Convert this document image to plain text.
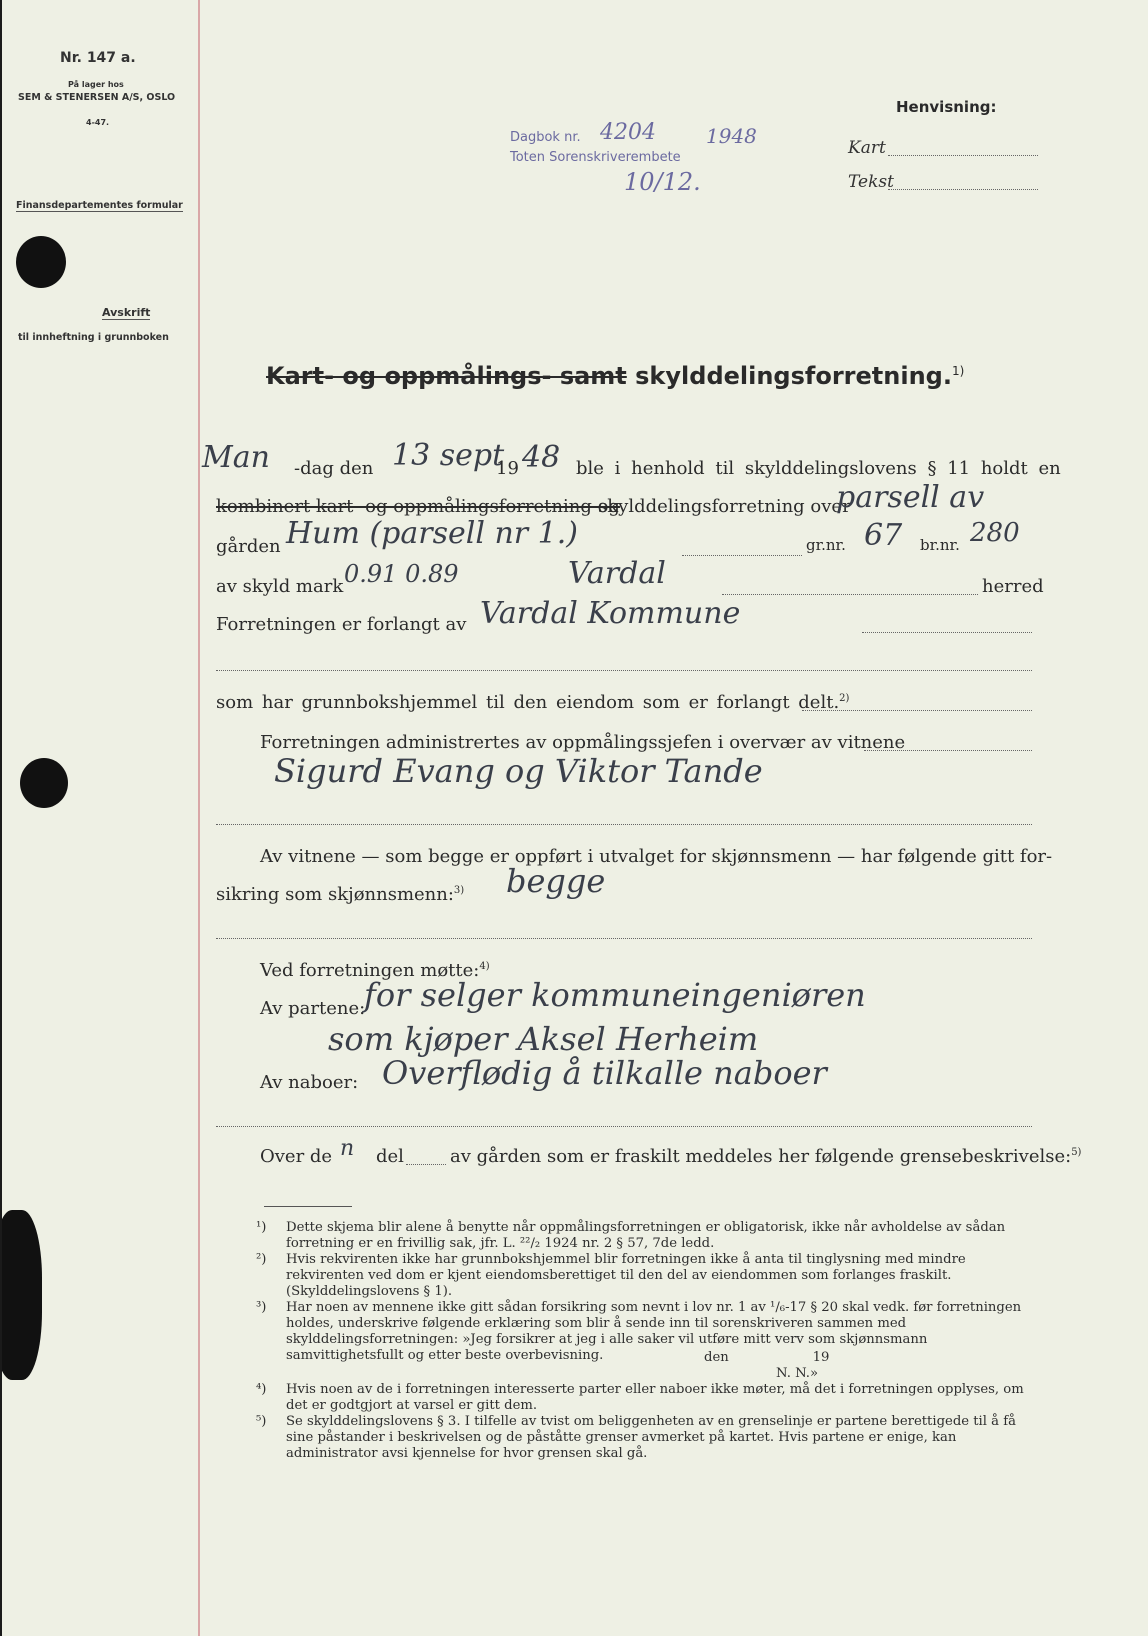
Nr. 147 a.
På lager hos
SEM & STENERSEN A/S, OSLO
4-47.
Finansdepartementes formular
Avskrift
til innheftning i grunnboken
Dagbok nr. 4204	1948
Toten Sorenskriverembete
10/12.
Henvisning:
Kart
Tekst
Kart- og oppmålings- samt skylddelingsforretning.$^{1)}$
Man -dag den 13 sept
19 48 ble i henhold til skylddelingslovens § 11 holdt en
kombinert kart- og oppmålingsforretning og
skylddelingsforretning over
parsell av
gården Hum (parsell nr 1.)	gr.nr. 67 br.nr. 280
av skyld mark 0.91 0.89	Vardal	herred
Forretningen er forlangt av Vardal Kommune
som har grunnbokshjemmel til den eiendom som er forlangt delt.$^{2)}$
Forretningen administrertes av oppmålingssjefen i overvær av vitnene
Sigurd Evang og Viktor Tande
Av vitnene — som begge er oppført i utvalget for skjønnsmenn — har følgende gitt for-
sikring som skjønnsmenn:$^{3)}$ begge
Ved forretningen møtte:$^{4)}$
Av partene:
for selger kommuneingeniøren
som kjøper Aksel Herheim
Av naboer: Overflødig å tilkalle naboer
Over de n del	av gården som er fraskilt meddeles her følgende grensebeskrivelse:$^{5)}$
¹) Dette skjema blir alene å benytte når oppmålingsforretningen er obligatorisk, ikke når avholdelse av sådan forretning er en frivillig sak, jfr. L. ²²/₂ 1924 nr. 2 § 57, 7de ledd.
²) Hvis rekvirenten ikke har grunnbokshjemmel blir forretningen ikke å anta til tinglysning med mindre rekvirenten ved dom er kjent eiendomsberettiget til den del av eiendommen som forlanges fraskilt. (Skylddelingslovens § 1).
³) Har noen av mennene ikke gitt sådan forsikring som nevnt i lov nr. 1 av ¹/₆-17 § 20 skal vedk. før forretningen holdes, underskrive følgende erklæring som blir å sende inn til sorenskriveren sammen med skylddelingsforretningen: »Jeg forsikrer at jeg i alle saker vil utføre mitt verv som skjønnsmann samvittighetsfullt og etter beste overbevisning.	den                    19
N. N.»
⁴) Hvis noen av de i forretningen interesserte parter eller naboer ikke møter, må det i forretningen opplyses, om det er godtgjort at varsel er gitt dem.
⁵) Se skylddelingslovens § 3. I tilfelle av tvist om beliggenheten av en grenselinje er partene berettigede til å få sine påstander i beskrivelsen og de påståtte grenser avmerket på kartet. Hvis partene er enige, kan administrator avsi kjennelse for hvor grensen skal gå.
